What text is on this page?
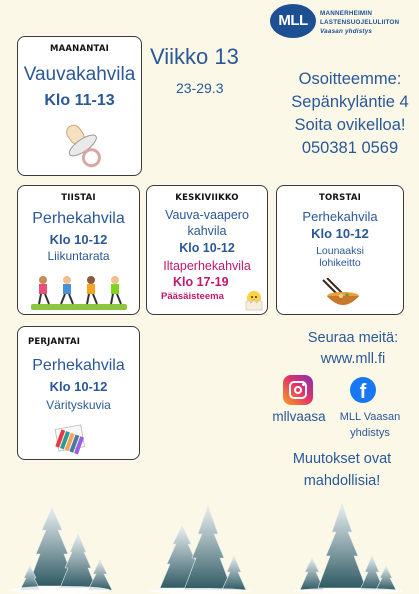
MLL	MANNERHEIMIN
LASTENSUOJELULIITON
Vaasan yhdistys
Viikko 13
23-29.3	Osoitteemme:
Sepänkyläntie 4
Soita ovikelloa!
050381 0569
MAANANTAI
Vauvakahvila
Klo 11-13
TIISTAI
Perhekahvila
Klo 10-12
Liikuntarata
KESKIVIIKKO
Vauva-vaapero
kahvila
Klo 10-12
Iltaperhekahvila
Klo 17-19
Pääsäisteema
TORSTAI
Perhekahvila
Klo 10-12
Lounaaksi
lohikeitto
PERJANTAI
Perhekahvila
Klo 10-12
Värityskuvia
Seuraa meitä:
www.mll.fi
f
mllvaasa	MLL Vaasan
yhdistys
Muutokset ovat
mahdollisia!
